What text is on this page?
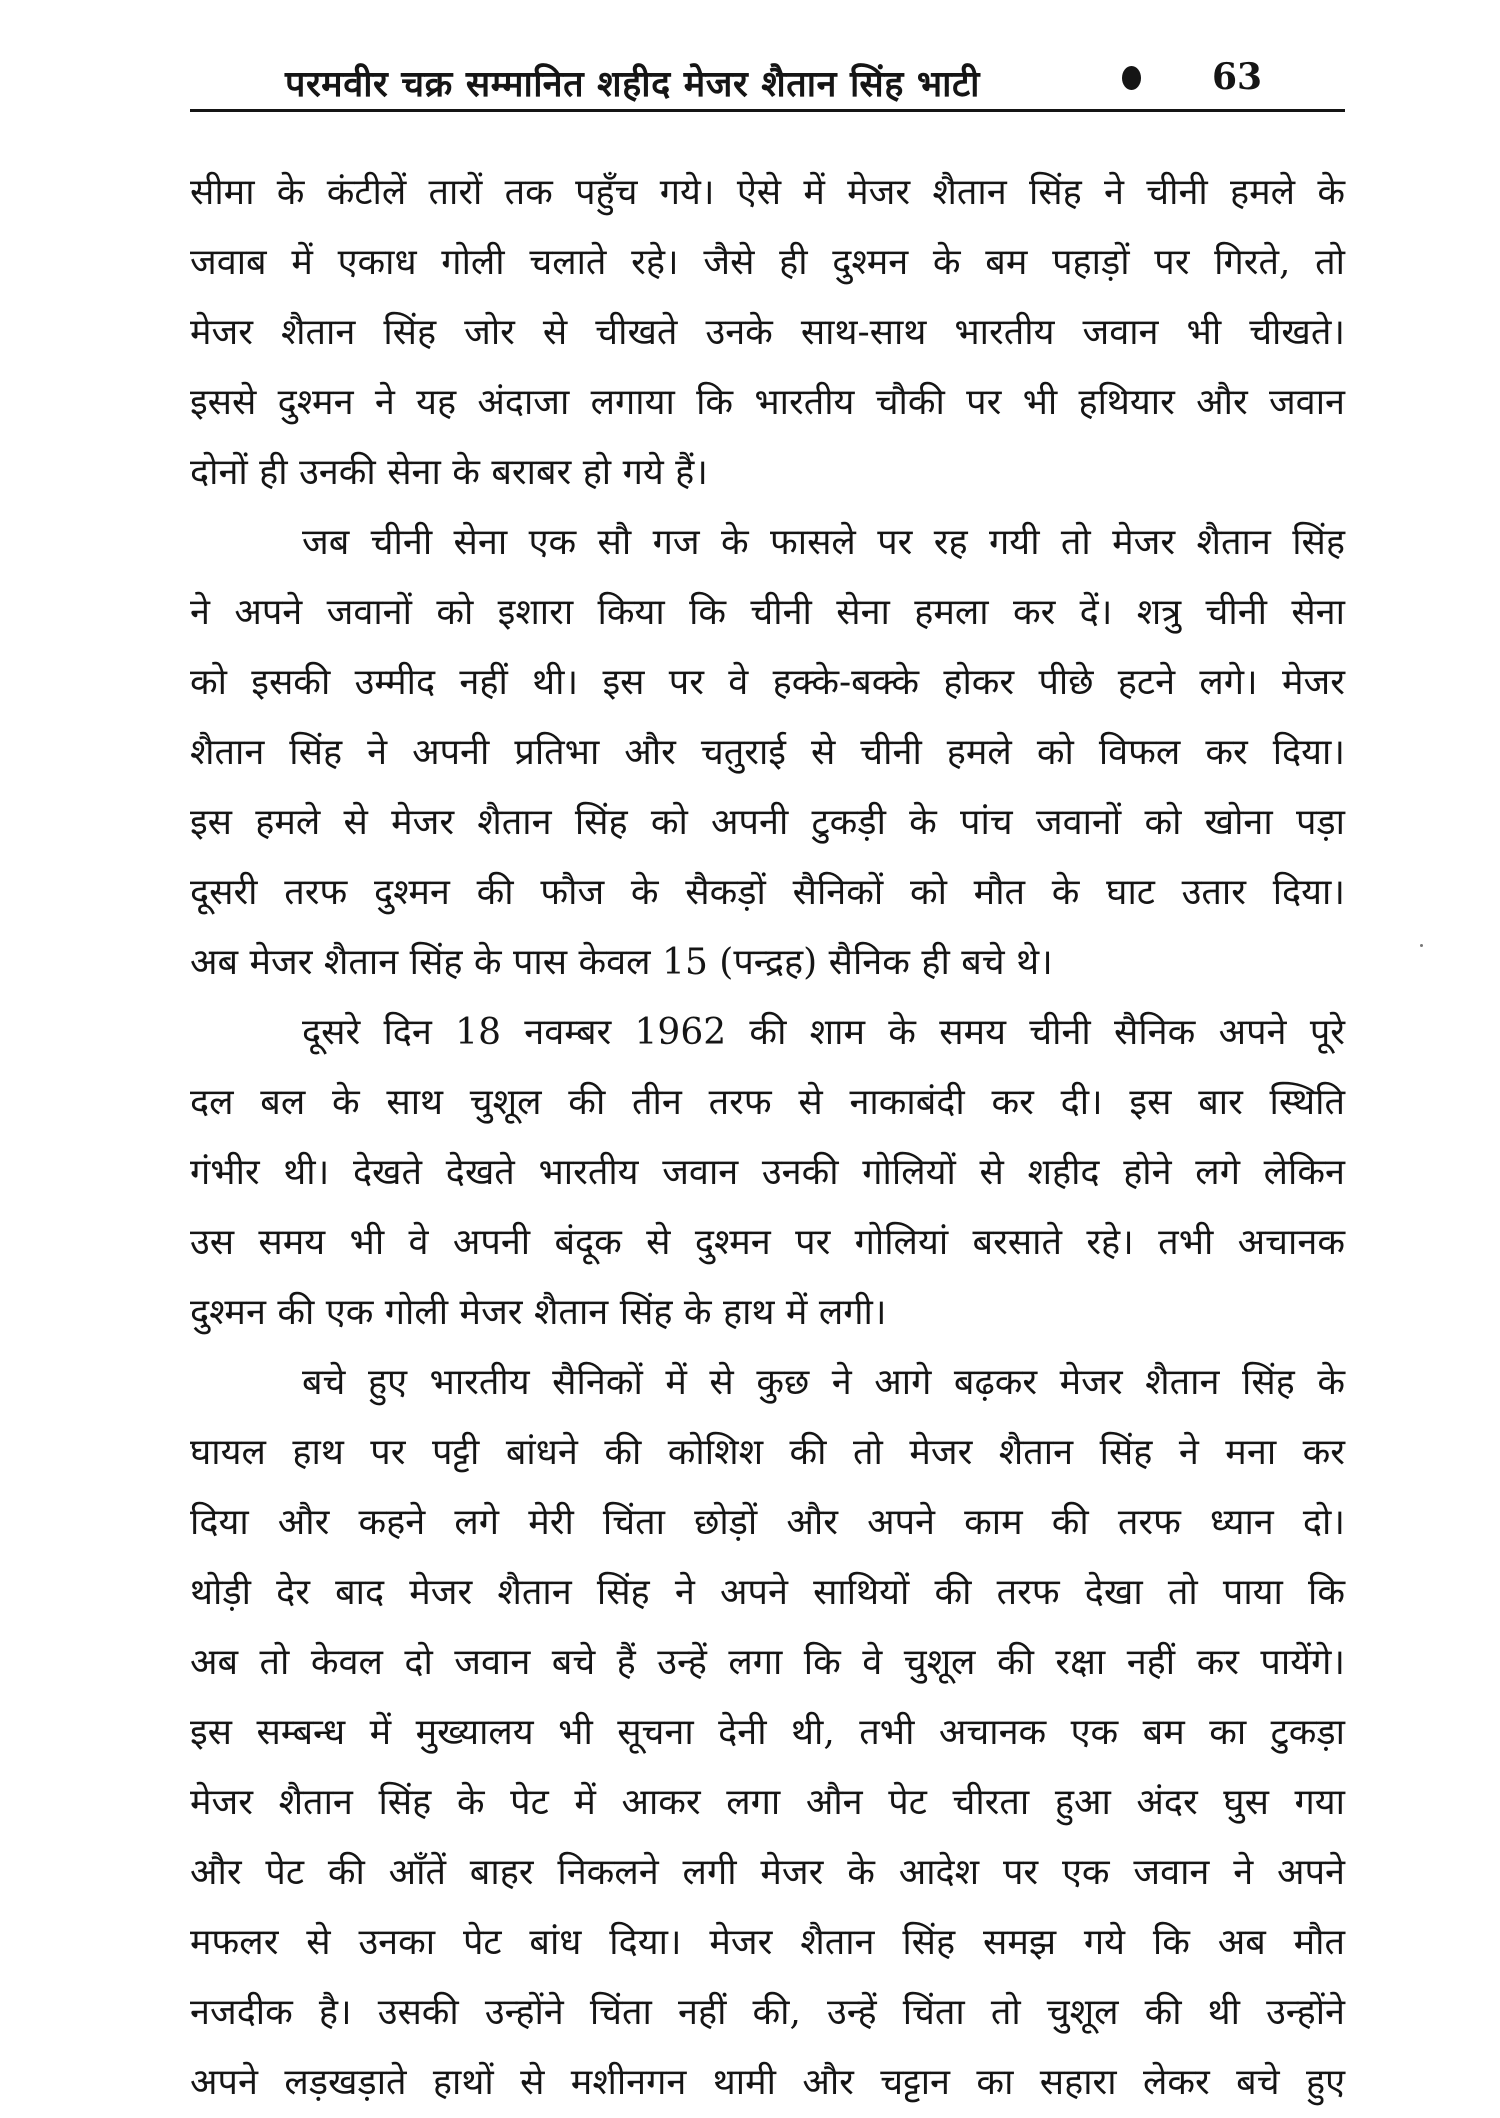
परमवीर चक्र सम्मानित शहीद मेजर शैतान सिंह भाटी	63
सीमा के कंटीलें तारों तक पहुँच गये। ऐसे में मेजर शैतान सिंह ने चीनी हमले के
जवाब में एकाध गोली चलाते रहे। जैसे ही दुश्मन के बम पहाड़ों पर गिरते, तो
मेजर शैतान सिंह जोर से चीखते उनके साथ-साथ भारतीय जवान भी चीखते।
इससे दुश्मन ने यह अंदाजा लगाया कि भारतीय चौकी पर भी हथियार और जवान
दोनों ही उनकी सेना के बराबर हो गये हैं।
जब चीनी सेना एक सौ गज के फासले पर रह गयी तो मेजर शैतान सिंह
ने अपने जवानों को इशारा किया कि चीनी सेना हमला कर दें। शत्रु चीनी सेना
को इसकी उम्मीद नहीं थी। इस पर वे हक्के-बक्के होकर पीछे हटने लगे। मेजर
शैतान सिंह ने अपनी प्रतिभा और चतुराई से चीनी हमले को विफल कर दिया।
इस हमले से मेजर शैतान सिंह को अपनी टुकड़ी के पांच जवानों को खोना पड़ा
दूसरी तरफ दुश्मन की फौज के सैकड़ों सैनिकों को मौत के घाट उतार दिया।
अब मेजर शैतान सिंह के पास केवल 15 (पन्द्रह) सैनिक ही बचे थे।
दूसरे दिन 18 नवम्बर 1962 की शाम के समय चीनी सैनिक अपने पूरे
दल बल के साथ चुशूल की तीन तरफ से नाकाबंदी कर दी। इस बार स्थिति
गंभीर थी। देखते देखते भारतीय जवान उनकी गोलियों से शहीद होने लगे लेकिन
उस समय भी वे अपनी बंदूक से दुश्मन पर गोलियां बरसाते रहे। तभी अचानक
दुश्मन की एक गोली मेजर शैतान सिंह के हाथ में लगी।
बचे हुए भारतीय सैनिकों में से कुछ ने आगे बढ़कर मेजर शैतान सिंह के
घायल हाथ पर पट्टी बांधने की कोशिश की तो मेजर शैतान सिंह ने मना कर
दिया और कहने लगे मेरी चिंता छोड़ों और अपने काम की तरफ ध्यान दो।
थोड़ी देर बाद मेजर शैतान सिंह ने अपने साथियों की तरफ देखा तो पाया कि
अब तो केवल दो जवान बचे हैं उन्हें लगा कि वे चुशूल की रक्षा नहीं कर पायेंगे।
इस सम्बन्ध में मुख्यालय भी सूचना देनी थी, तभी अचानक एक बम का टुकड़ा
मेजर शैतान सिंह के पेट में आकर लगा औन पेट चीरता हुआ अंदर घुस गया
और पेट की आँतें बाहर निकलने लगी मेजर के आदेश पर एक जवान ने अपने
मफलर से उनका पेट बांध दिया। मेजर शैतान सिंह समझ गये कि अब मौत
नजदीक है। उसकी उन्होंने चिंता नहीं की, उन्हें चिंता तो चुशूल की थी उन्होंने
अपने लड़खड़ाते हाथों से मशीनगन थामी और चट्टान का सहारा लेकर बचे हुए
